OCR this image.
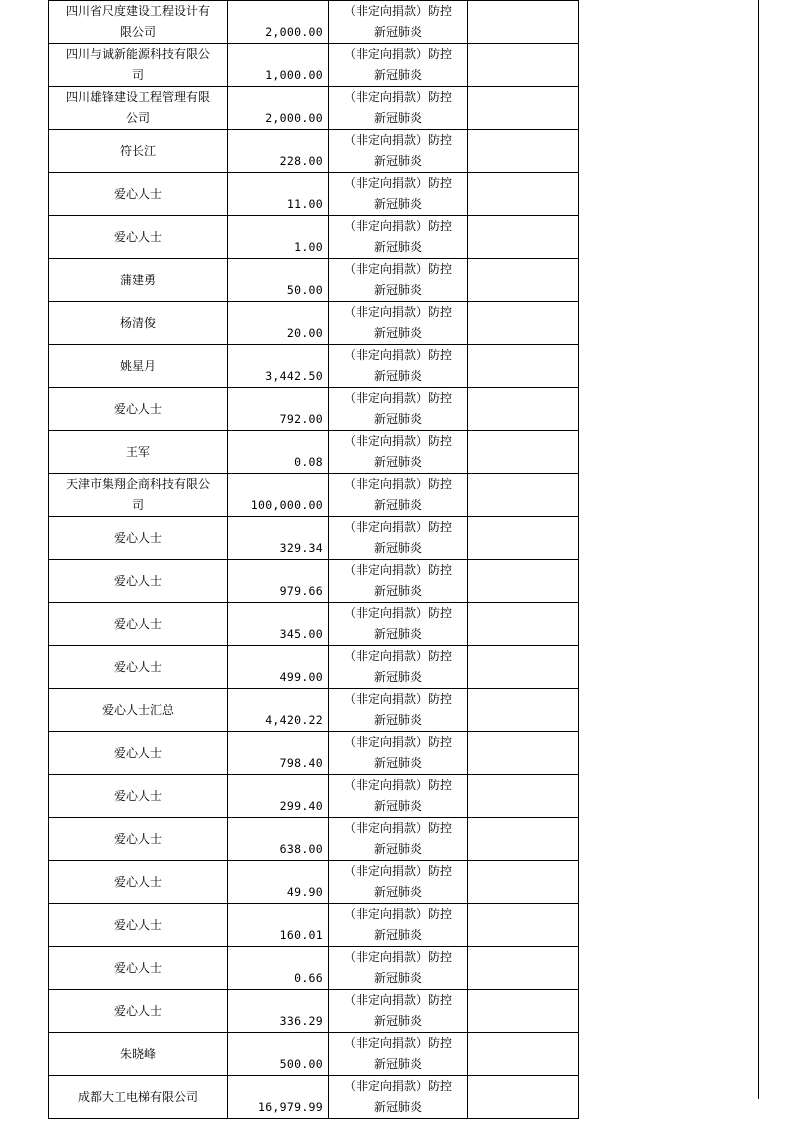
四川省尺度建设工程设计有
限公司	2,000.00	（非定向捐款）防控
新冠肺炎	

四川与诚新能源科技有限公
司	1,000.00	（非定向捐款）防控
新冠肺炎	

四川雄锋建设工程管理有限
公司	2,000.00	（非定向捐款）防控
新冠肺炎	

符长江	228.00	（非定向捐款）防控
新冠肺炎	

爱心人士	11.00	（非定向捐款）防控
新冠肺炎	

爱心人士	1.00	（非定向捐款）防控
新冠肺炎	

蒲建勇	50.00	（非定向捐款）防控
新冠肺炎	

杨清俊	20.00	（非定向捐款）防控
新冠肺炎	

姚星月	3,442.50	（非定向捐款）防控
新冠肺炎	

爱心人士	792.00	（非定向捐款）防控
新冠肺炎	

王军	0.08	（非定向捐款）防控
新冠肺炎	

天津市集翔企商科技有限公
司	100,000.00	（非定向捐款）防控
新冠肺炎	

爱心人士	329.34	（非定向捐款）防控
新冠肺炎	

爱心人士	979.66	（非定向捐款）防控
新冠肺炎	

爱心人士	345.00	（非定向捐款）防控
新冠肺炎	

爱心人士	499.00	（非定向捐款）防控
新冠肺炎	

爱心人士汇总	4,420.22	（非定向捐款）防控
新冠肺炎	

爱心人士	798.40	（非定向捐款）防控
新冠肺炎	

爱心人士	299.40	（非定向捐款）防控
新冠肺炎	

爱心人士	638.00	（非定向捐款）防控
新冠肺炎	

爱心人士	49.90	（非定向捐款）防控
新冠肺炎	

爱心人士	160.01	（非定向捐款）防控
新冠肺炎	

爱心人士	0.66	（非定向捐款）防控
新冠肺炎	

爱心人士	336.29	（非定向捐款）防控
新冠肺炎	

朱晓峰	500.00	（非定向捐款）防控
新冠肺炎	

成都大工电梯有限公司	16,979.99	（非定向捐款）防控
新冠肺炎	
